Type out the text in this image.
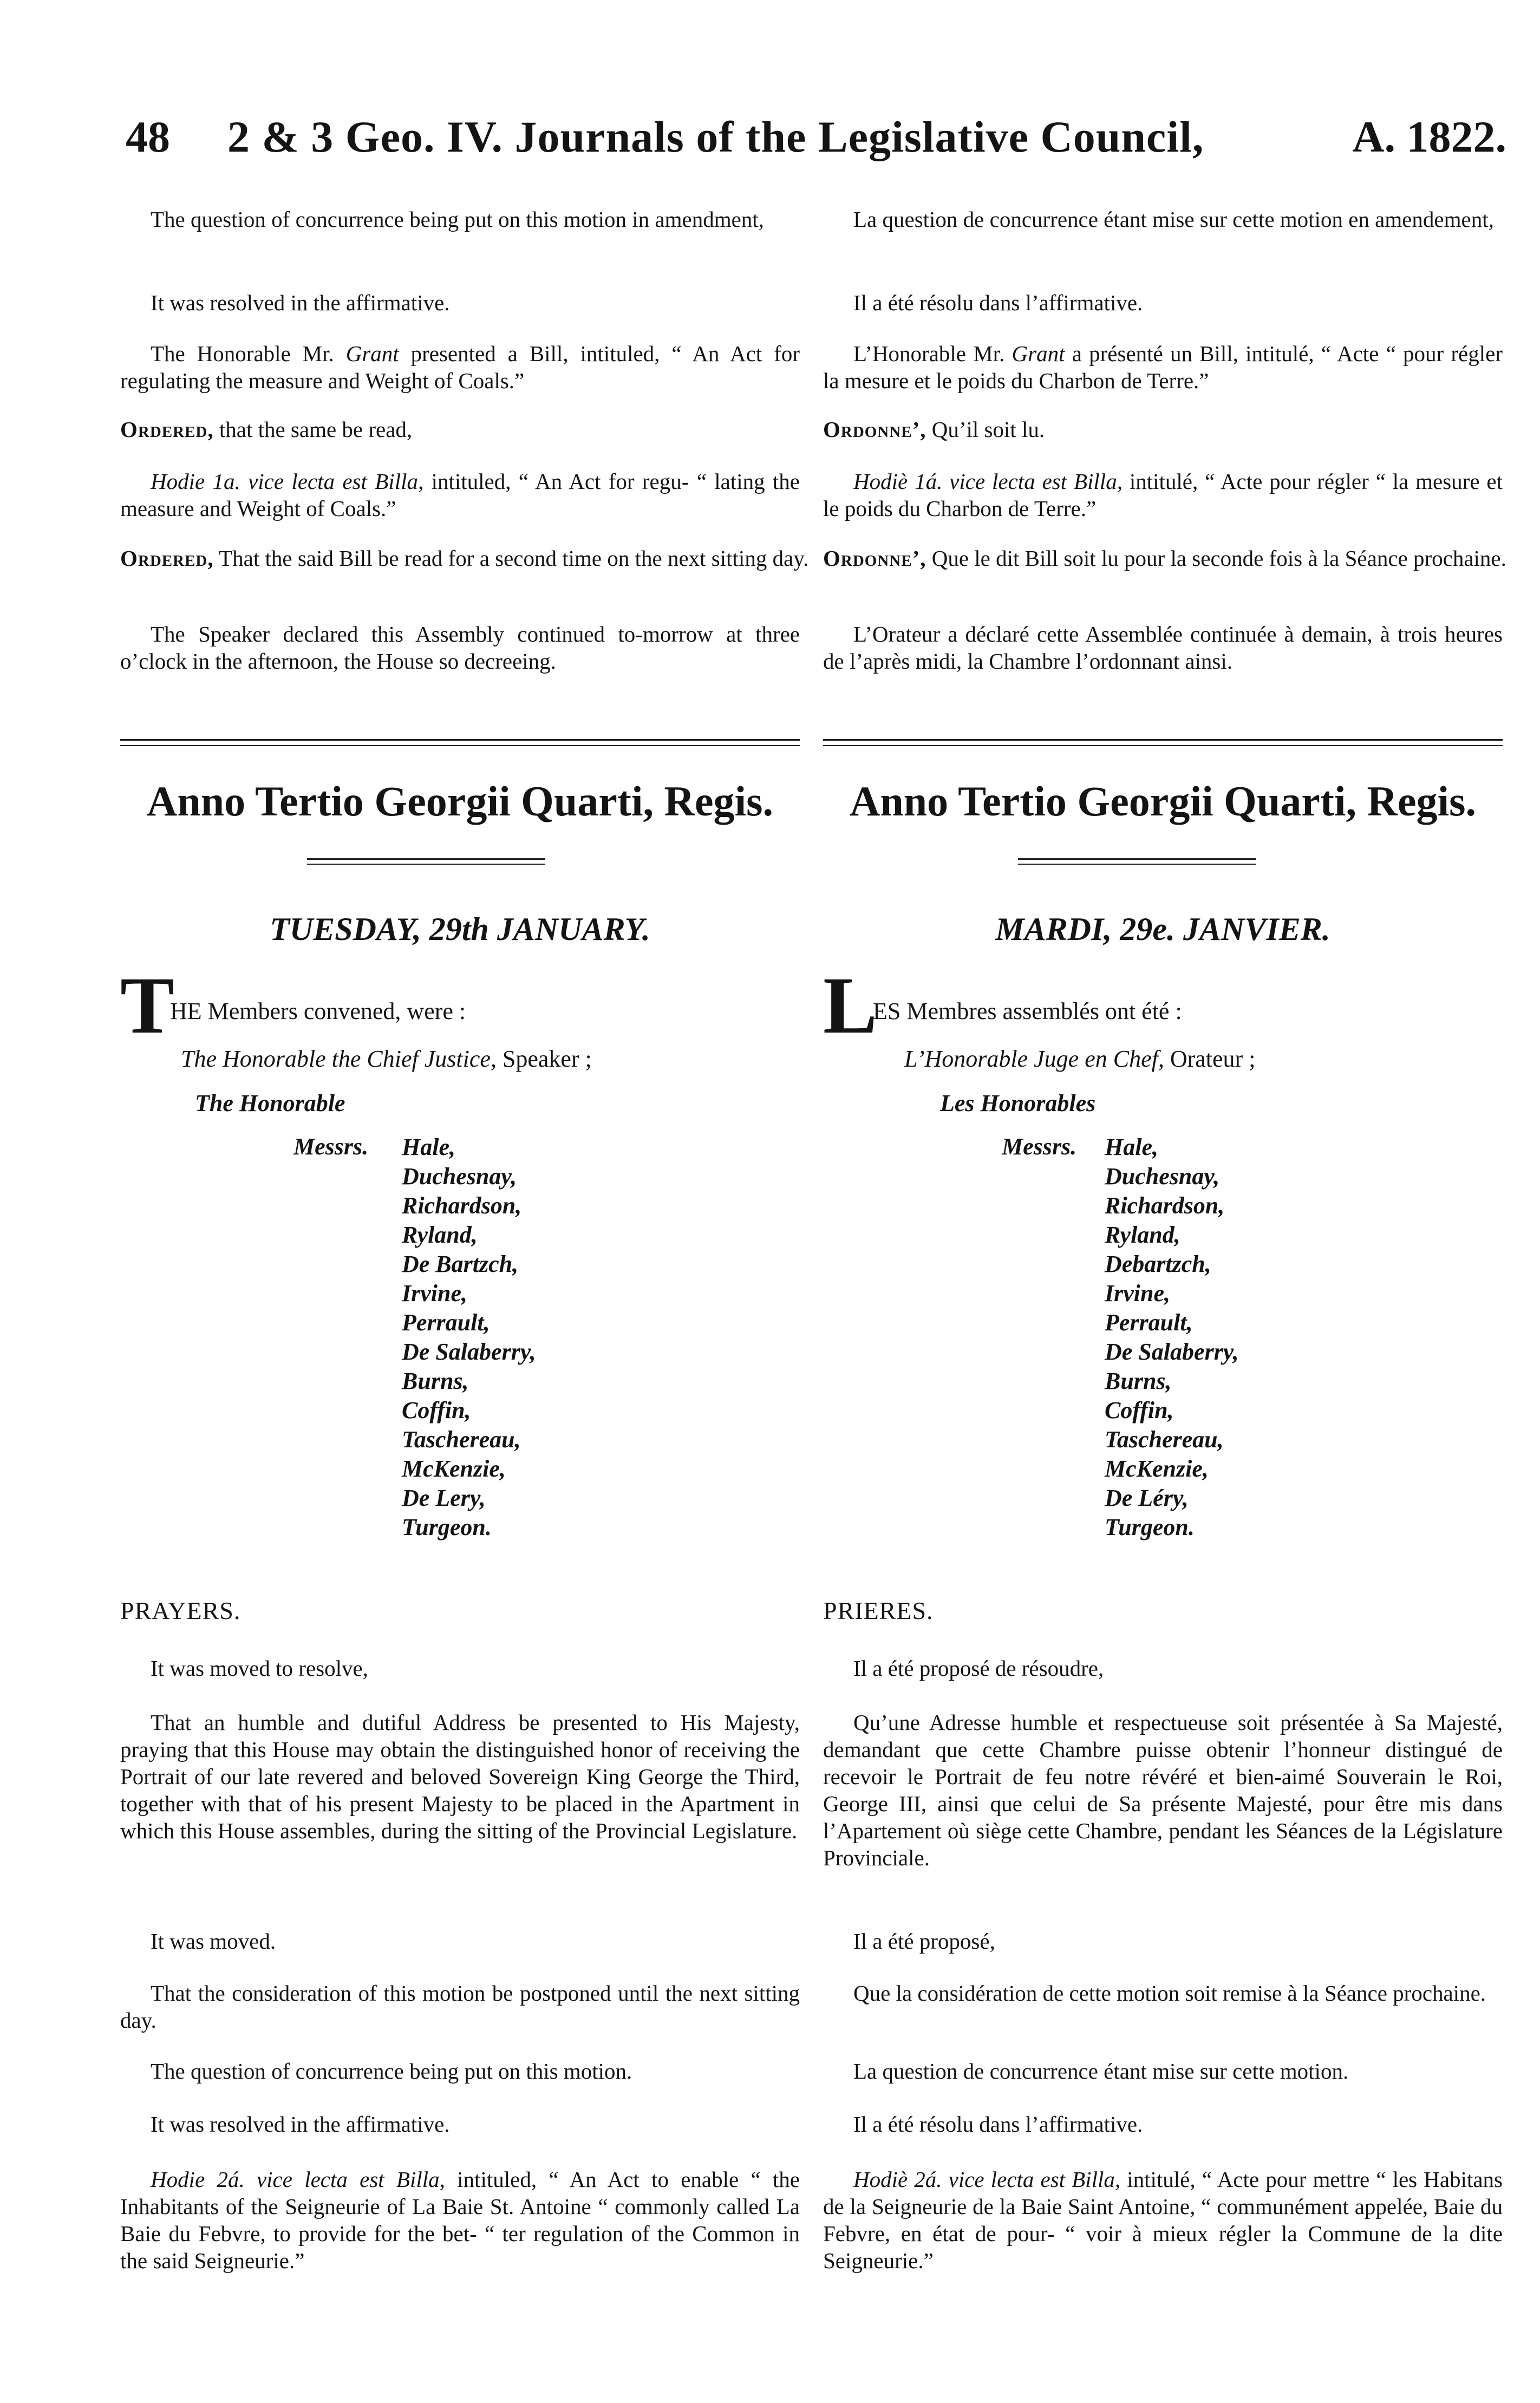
48 2 & 3 Geo. IV. Journals of the Legislative Council,	A. 1822.

The question of concurrence being put on this motion in amendment,

It was resolved in the affirmative.

The Honorable Mr. Grant presented a Bill, intituled, “ An Act for regulating the measure and Weight of Coals.”

Ordered, that the same be read,

Hodie 1a. vice lecta est Billa, intituled, “ An Act for regu- “ lating the measure and Weight of Coals.”

Ordered, That the said Bill be read for a second time on the next sitting day.

The Speaker declared this Assembly continued to-morrow at three o’clock in the afternoon, the House so decreeing.

Anno Tertio Georgii Quarti, Regis.
TUESDAY, 29th JANUARY.
T
HE Members convened, were :
The Honorable the Chief Justice, Speaker ;
The Honorable
Messrs. Hale,
Duchesnay,
Richardson,
Ryland,
De Bartzch,
Irvine,
Perrault,
De Salaberry,
Burns,
Coffin,
Taschereau,
McKenzie,
De Lery,
Turgeon.
PRAYERS.

It was moved to resolve,

That an humble and dutiful Address be presented to His Majesty, praying that this House may obtain the distinguished honor of receiving the Portrait of our late revered and beloved Sovereign King George the Third, together with that of his present Majesty to be placed in the Apartment in which this House assembles, during the sitting of the Provincial Legislature.

It was moved.

That the consideration of this motion be postponed until the next sitting day.

The question of concurrence being put on this motion.

It was resolved in the affirmative.

Hodie 2á. vice lecta est Billa, intituled, “ An Act to enable “ the Inhabitants of the Seigneurie of La Baie St. Antoine “ commonly called La Baie du Febvre, to provide for the bet- “ ter regulation of the Common in the said Seigneurie.”

La question de concurrence étant mise sur cette motion en amendement,

Il a été résolu dans l’affirmative.

L’Honorable Mr. Grant a présenté un Bill, intitulé, “ Acte “ pour régler la mesure et le poids du Charbon de Terre.”

Ordonne’, Qu’il soit lu.

Hodiè 1á. vice lecta est Billa, intitulé, “ Acte pour régler “ la mesure et le poids du Charbon de Terre.”

Ordonne’, Que le dit Bill soit lu pour la seconde fois à la Séance prochaine.

L’Orateur a déclaré cette Assemblée continuée à demain, à trois heures de l’après midi, la Chambre l’ordonnant ainsi.

Anno Tertio Georgii Quarti, Regis.
MARDI, 29e. JANVIER.
L
ES Membres assemblés ont été :
L’Honorable Juge en Chef, Orateur ;
Les Honorables
Messrs. Hale,
Duchesnay,
Richardson,
Ryland,
Debartzch,
Irvine,
Perrault,
De Salaberry,
Burns,
Coffin,
Taschereau,
McKenzie,
De Léry,
Turgeon.
PRIERES.

Il a été proposé de résoudre,

Qu’une Adresse humble et respectueuse soit présentée à Sa Majesté, demandant que cette Chambre puisse obtenir l’honneur distingué de recevoir le Portrait de feu notre révéré et bien-aimé Souverain le Roi, George III, ainsi que celui de Sa présente Majesté, pour être mis dans l’Apartement où siège cette Chambre, pendant les Séances de la Législature Provinciale.

Il a été proposé,

Que la considération de cette motion soit remise à la Séance prochaine.

La question de concurrence étant mise sur cette motion.

Il a été résolu dans l’affirmative.

Hodiè 2á. vice lecta est Billa, intitulé, “ Acte pour mettre “ les Habitans de la Seigneurie de la Baie Saint Antoine, “ communément appelée, Baie du Febvre, en état de pour- “ voir à mieux régler la Commune de la dite Seigneurie.”
